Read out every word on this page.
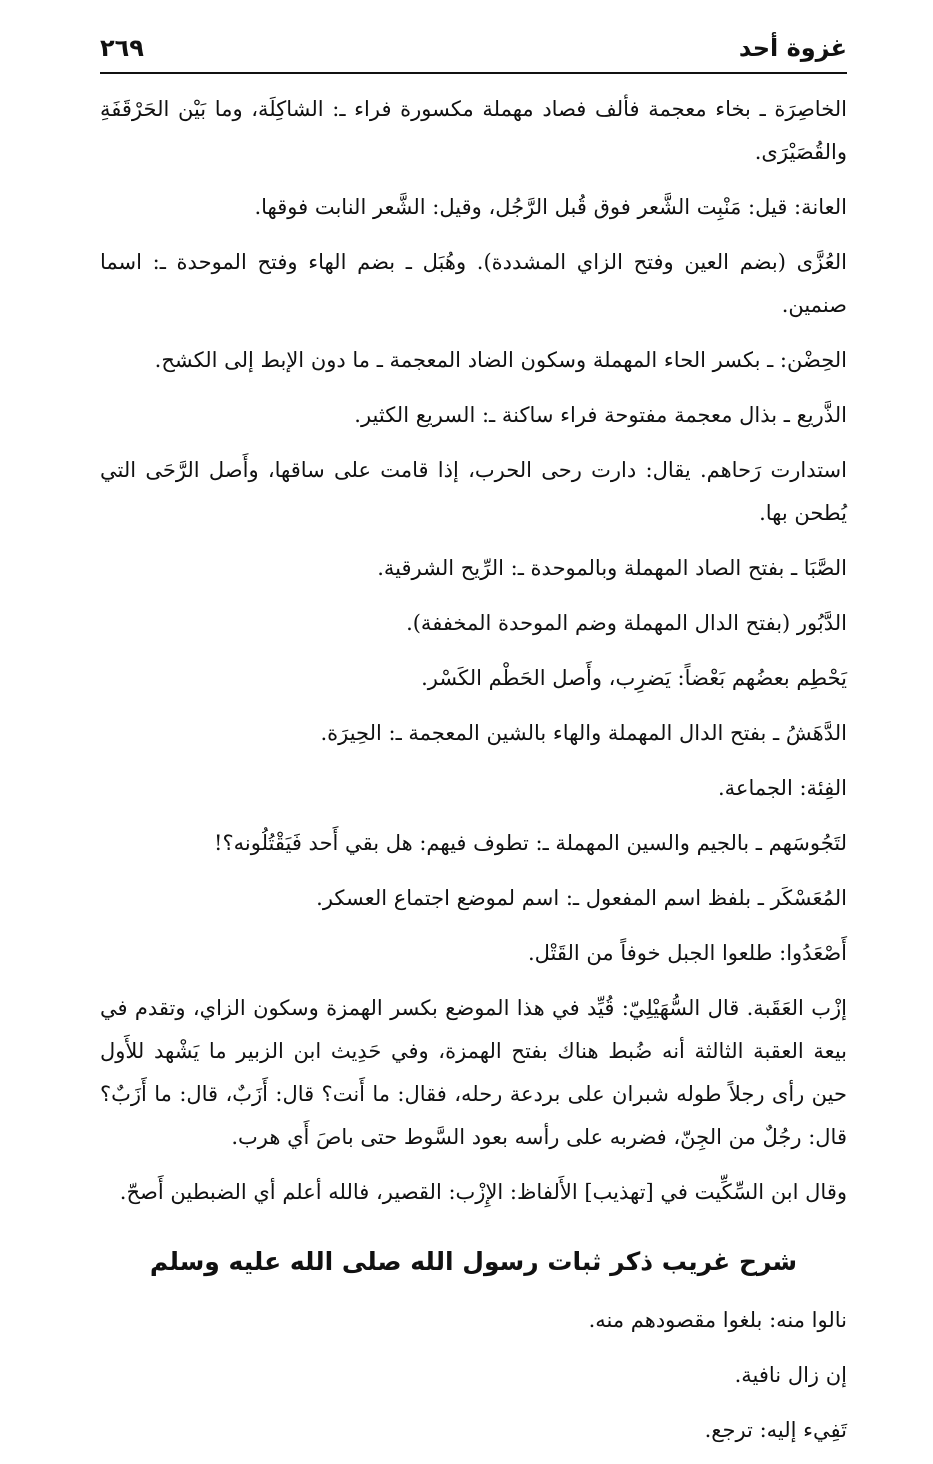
غزوة أحد
٢٦٩

الخاصِرَة ـ بخاء معجمة فألف فصاد مهملة مكسورة فراء ـ: الشاكِلَة، وما بَيْن الحَرْقَفَةِ والقُصَيْرَى.

العانة: قيل: مَنْبِت الشَّعر فوق قُبل الرَّجُل، وقيل: الشَّعر النابت فوقها.

العُزَّى (بضم العين وفتح الزاي المشددة). وهُبَل ـ بضم الهاء وفتح الموحدة ـ: اسما صنمين.

الحِضْن: ـ بكسر الحاء المهملة وسكون الضاد المعجمة ـ ما دون الإبط إلى الكشح.

الذَّريع ـ بذال معجمة مفتوحة فراء ساكنة ـ: السريع الكثير.

استدارت رَحاهم. يقال: دارت رحى الحرب، إذا قامت على ساقها، وأَصل الرَّحَى التي يُطحن بها.

الصَّبَا ـ بفتح الصاد المهملة وبالموحدة ـ: الرِّيح الشرقية.

الدَّبُور (بفتح الدال المهملة وضم الموحدة المخففة).

يَحْطِم بعضُهم بَعْضاً: يَضرِب، وأَصل الحَطْم الكَسْر.

الدَّهَشُ ـ بفتح الدال المهملة والهاء بالشين المعجمة ـ: الحِيرَة.

الفِئة: الجماعة.

لتَجُوسَهم ـ بالجيم والسين المهملة ـ: تطوف فيهم: هل بقي أَحد فَيَقْتُلُونه؟!

المُعَسْكَر ـ بلفظ اسم المفعول ـ: اسم لموضع اجتماع العسكر.

أَصْعَدُوا: طلعوا الجبل خوفاً من القَتْل.

إزْب العَقَبة. قال السُّهَيْلِيّ: قُيِّد في هذا الموضع بكسر الهمزة وسكون الزاي، وتقدم في بيعة العقبة الثالثة أنه ضُبط هناك بفتح الهمزة، وفي حَدِيث ابن الزبير ما يَشْهد للأَول حين رأى رجلاً طوله شبران على بردعة رحله، فقال: ما أَنت؟ قال: أَزَبٌ، قال: ما أَزَبٌ؟ قال: رجُلٌ من الجِنّ، فضربه على رأسه بعود السَّوط حتى باصَ أَي هرب.

وقال ابن السِّكِّيت في [تهذيب] الأَلفاظ: الإِزْب: القصير، فالله أعلم أي الضبطين أَصحّ.

شرح غريب ذكر ثبات رسول الله صلى الله عليه وسلم

نالوا منه: بلغوا مقصودهم منه.

إن زال نافية.

تَفِيء إليه: ترجع.
